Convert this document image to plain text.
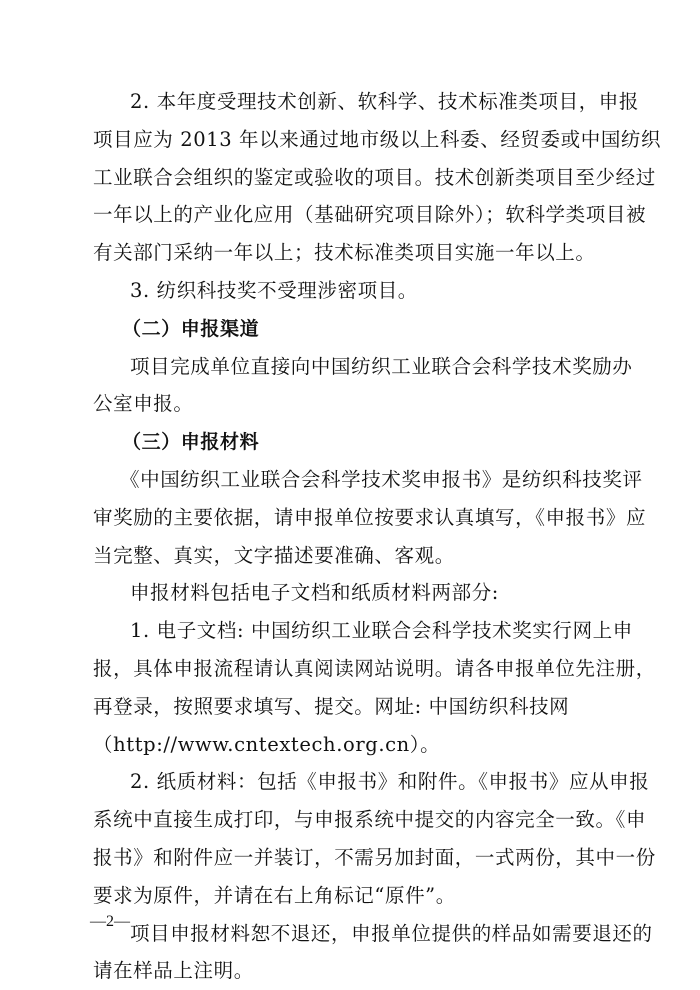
2. 本年度受理技术创新、软科学、技术标准类项目，申报
项目应为 2013 年以来通过地市级以上科委、经贸委或中国纺织
工业联合会组织的鉴定或验收的项目。技术创新类项目至少经过
一年以上的产业化应用（基础研究项目除外）；软科学类项目被
有关部门采纳一年以上；技术标准类项目实施一年以上。
3. 纺织科技奖不受理涉密项目。
（二）申报渠道
项目完成单位直接向中国纺织工业联合会科学技术奖励办
公室申报。
（三）申报材料
《中国纺织工业联合会科学技术奖申报书》是纺织科技奖评
审奖励的主要依据，请申报单位按要求认真填写，《申报书》应
当完整、真实，文字描述要准确、客观。
申报材料包括电子文档和纸质材料两部分:
1. 电子文档: 中国纺织工业联合会科学技术奖实行网上申
报，具体申报流程请认真阅读网站说明。请各申报单位先注册，
再登录，按照要求填写、提交。网址: 中国纺织科技网
（http://www.cntextech.org.cn）。
2. 纸质材料：包括《申报书》和附件。《申报书》应从申报
系统中直接生成打印，与申报系统中提交的内容完全一致。《申
报书》和附件应一并装订，不需另加封面，一式两份，其中一份
要求为原件，并请在右上角标记“原件”。
项目申报材料恕不退还，申报单位提供的样品如需要退还的
请在样品上注明。
—2—
